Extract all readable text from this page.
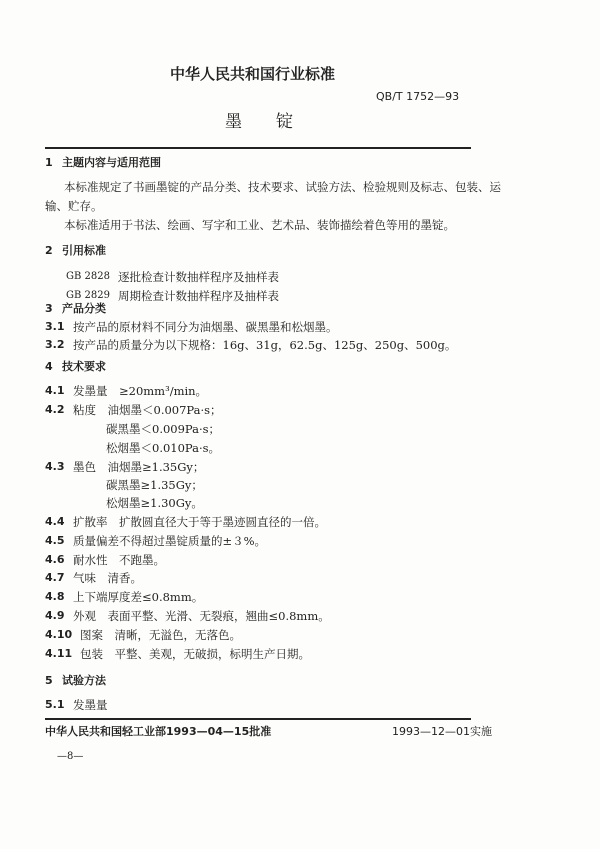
中华人民共和国行业标准
QB/T 1752—93
墨 锭
1 主题内容与适用范围
本标准规定了书画墨锭的产品分类、技术要求、试验方法、检验规则及标志、包装、运
输、贮存。
本标准适用于书法、绘画、写字和工业、艺术品、装饰描绘着色等用的墨锭。
2 引用标准
GB 2828 逐批检查计数抽样程序及抽样表
GB 2829 周期检查计数抽样程序及抽样表
3 产品分类
3.1 按产品的原材料不同分为油烟墨、碳黑墨和松烟墨。
3.2 按产品的质量分为以下规格：16g、31g，62.5g、125g、250g、500g。
4 技术要求
4.1 发墨量　≥20mm³/min。
4.2 粘度　油烟墨＜0.007Pa·s；
碳黑墨＜0.009Pa·s；
松烟墨＜0.010Pa·s。
4.3 墨色　油烟墨≥1.35Gy；
碳黑墨≥1.35Gy；
松烟墨≥1.30Gy。
4.4 扩散率　扩散圆直径大于等于墨迹圆直径的一倍。
4.5 质量偏差不得超过墨锭质量的±３%。
4.6 耐水性　不跑墨。
4.7 气味　清香。
4.8 上下端厚度差≤0.8mm。
4.9 外观　表面平整、光滑、无裂痕，翘曲≤0.8mm。
4.10 图案　清晰，无溢色，无落色。
4.11 包装　平整、美观，无破损，标明生产日期。
5 试验方法
5.1 发墨量
中华人民共和国轻工业部1993—04—15批准	1993—12—01实施
—8—
